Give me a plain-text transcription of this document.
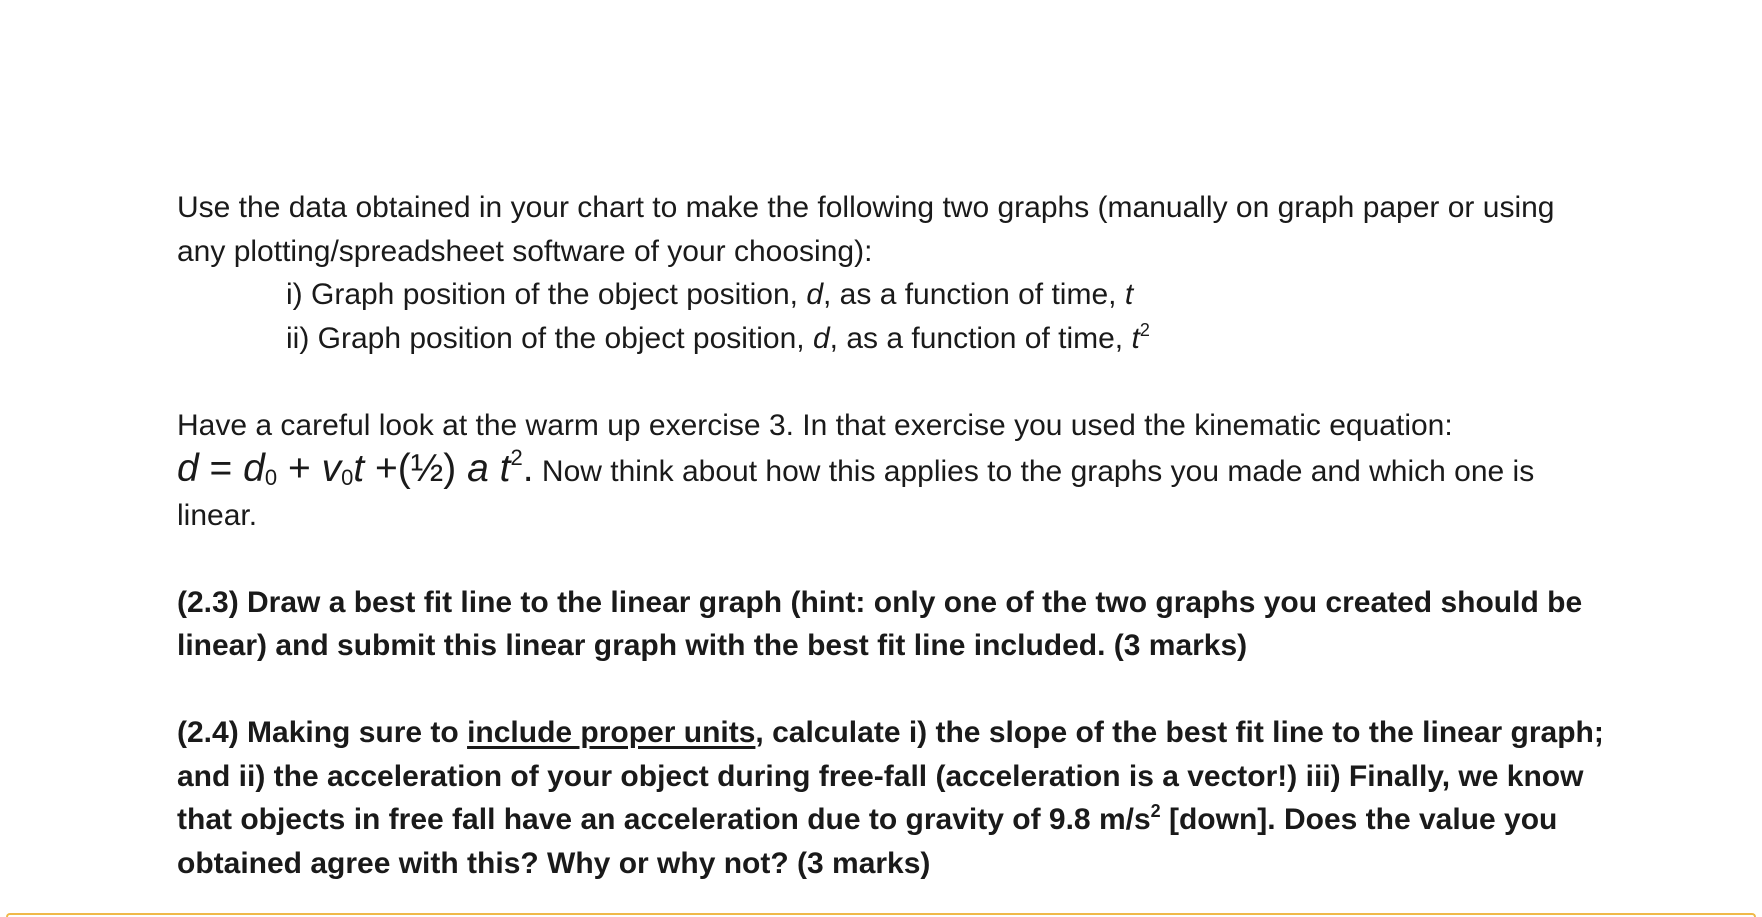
Use the data obtained in your chart to make the following two graphs (manually on graph paper or using any plotting/spreadsheet software of your choosing):

i) Graph position of the object position, d, as a function of time, t

ii) Graph position of the object position, d, as a function of time, $t^2$

Have a careful look at the warm up exercise 3. In that exercise you used the kinematic equation:
$d = d_0 + v_0t$ +(½) a $t^2$. Now think about how this applies to the graphs you made and which one is linear.

(2.3) Draw a best fit line to the linear graph (hint: only one of the two graphs you created should be linear) and submit this linear graph with the best fit line included. (3 marks)

(2.4) Making sure to include proper units, calculate i) the slope of the best fit line to the linear graph; and ii) the acceleration of your object during free-fall (acceleration is a vector!) iii) Finally, we know that objects in free fall have an acceleration due to gravity of 9.8 $m/s^2$ [down]. Does the value you obtained agree with this? Why or why not? (3 marks)
